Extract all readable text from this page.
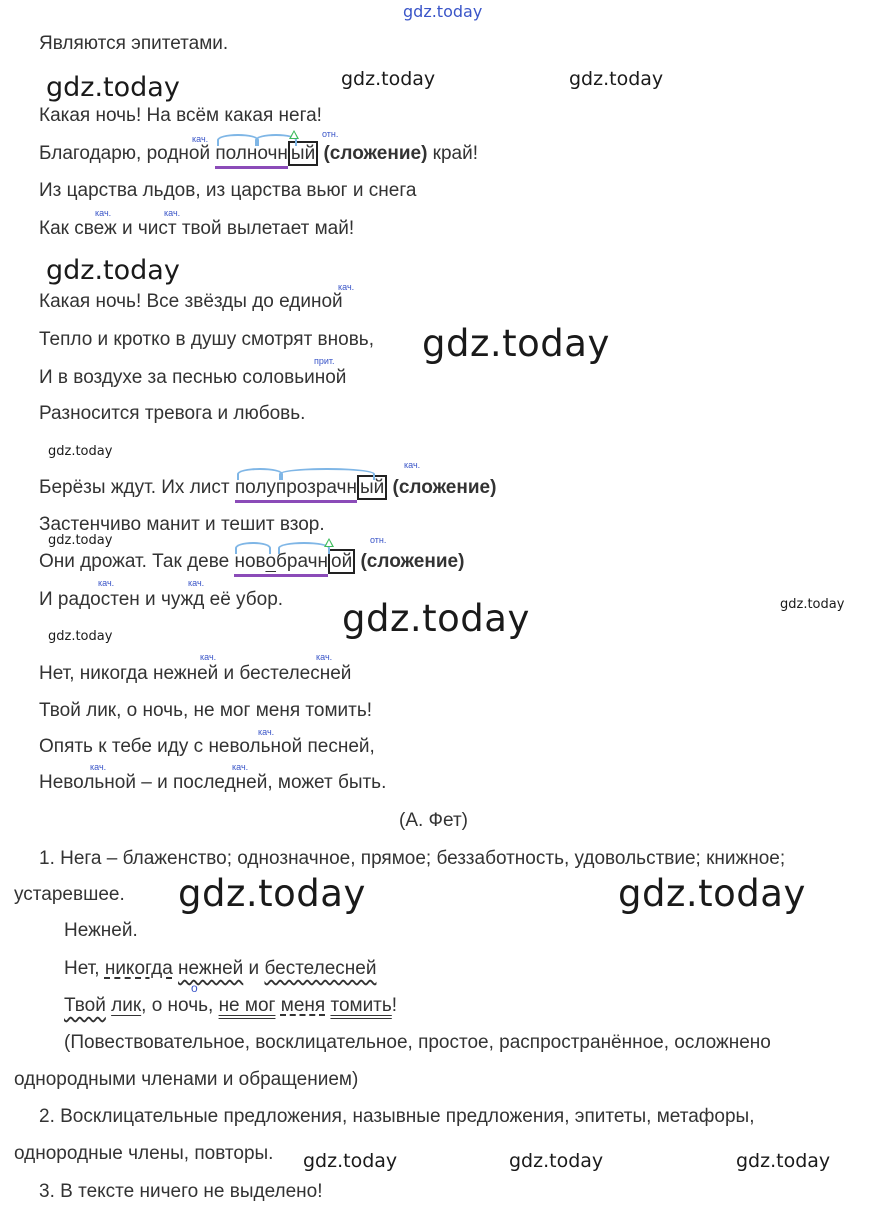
gdz.today
gdz.today	gdz.today	gdz.today
gdz.today
gdz.today
gdz.today
gdz.today
gdz.today	gdz.today
gdz.today
gdz.today	gdz.today
gdz.today	gdz.today	gdz.today
Являются эпитетами.
Какая ночь! На всём какая нега!
Благодарю, родной
полночн ый (сложение) край!
кач.	отн.
Из царства льдов, из царства вьюг и снега
кач.	кач.
Как свеж и чист твой вылетает май!
кач.
Какая ночь! Все звёзды до единой
Тепло и кротко в душу смотрят вновь,
прит.
И в воздухе за песнью соловьиной
Разносится тревога и любовь.
кач.
Берёзы ждут. Их лист
полупрозрачн ый (сложение)
Застенчиво манит и тешит взор.
отн.
Они дрожат. Так деве
новобрачн ой (сложение)
кач.	кач.
И радостен и чужд её убор.
кач.	кач.
Нет, никогда нежней и бестелесней
Твой лик, о ночь, не мог меня томить!
кач.
Опять к тебе иду с невольной песней,
кач.	кач.
Невольной – и последней, может быть.
(А. Фет)
1. Нега – блаженство; однозначное, прямое; беззаботность, удовольствие; книжное;
устаревшее.
Нежней.
Нет, никогда нежней и бестелесней
о
Твой лик, о ночь, не мог меня томить!
(Повествовательное, восклицательное, простое, распространённое, осложнено
однородными членами и обращением)
2. Восклицательные предложения, назывные предложения, эпитеты, метафоры,
однородные члены, повторы.
3. В тексте ничего не выделено!
